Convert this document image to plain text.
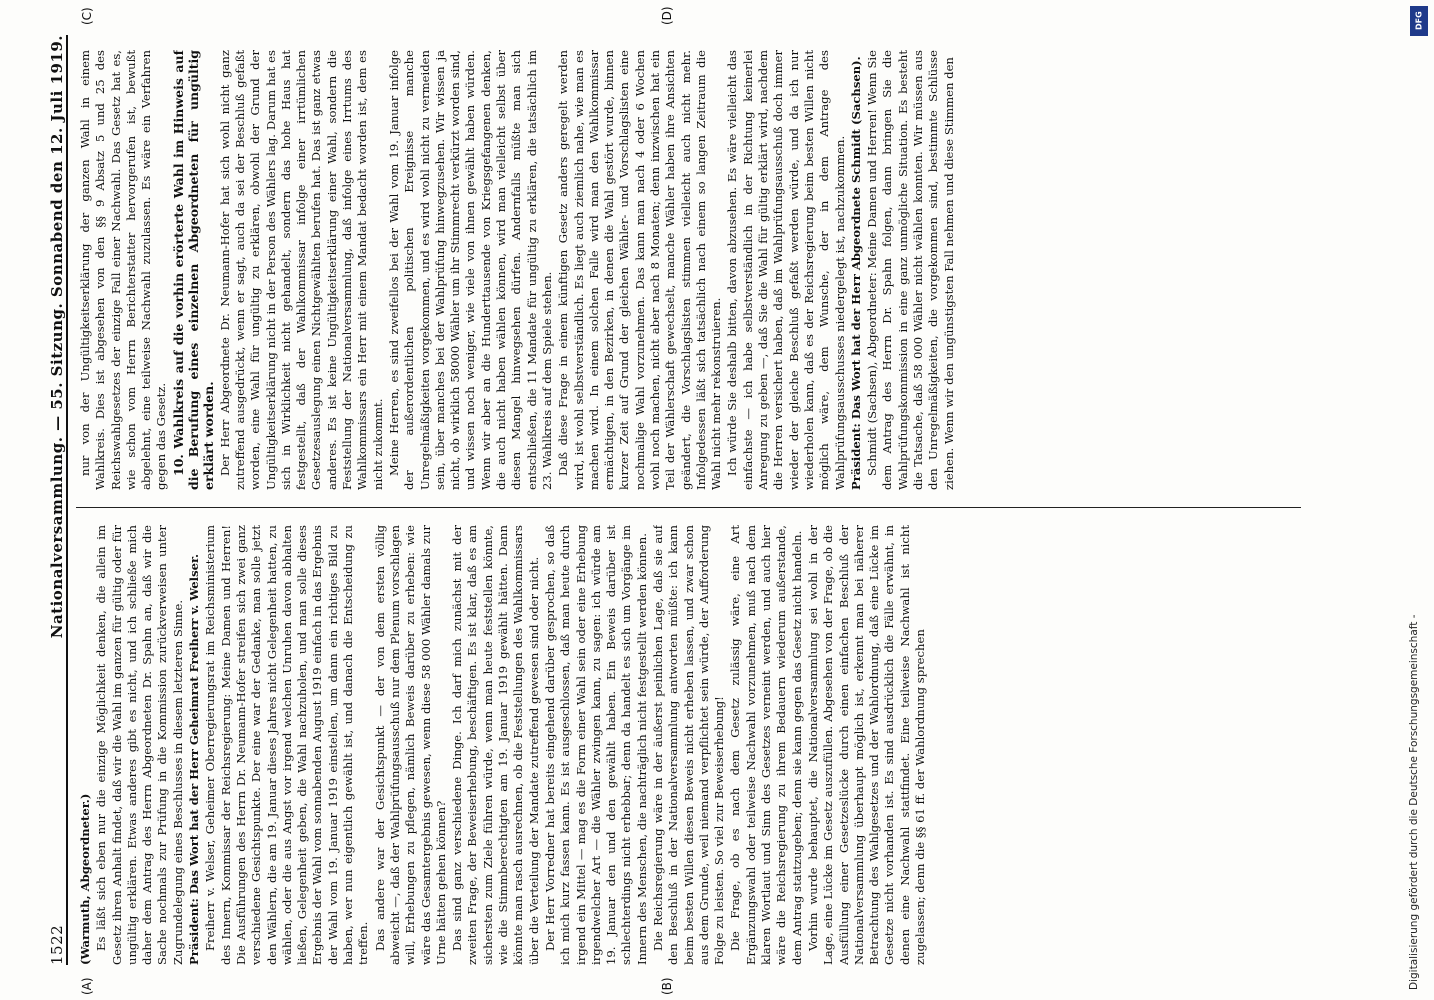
1522
Nationalversammlung. — 55. Sitzung. Sonnabend den 12. Juli 1919.

(Warmuth, Abgeordneter.) Es läßt sich eben nur die einzige Möglichkeit denken, die allein im Gesetz ihren Anhalt findet, daß wir die Wahl im ganzen für gültig oder für ungültig erklären. Etwas anderes gibt es nicht, und ich schließe mich daher dem Antrag des Herrn Abgeordneten Dr. Spahn an, daß wir die Sache nochmals zur Prüfung in die Kommission zurückverweisen unter Zugrundelegung eines Beschlusses in diesem letzteren Sinne. Präsident: Das Wort hat der Herr Geheimrat Freiherr v. Welser. Freiherr v. Welser, Geheimer Oberregierungsrat im Reichsministerium des Innern, Kommissar der Reichsregierung: Meine Damen und Herren! Die Ausführungen des Herrn Dr. Neumann-Hofer streifen sich zwei ganz verschiedene Gesichtspunkte. Der eine war der Gedanke, man solle jetzt den Wählern, die am 19. Januar dieses Jahres nicht Gelegenheit hatten, zu wählen, oder die aus Angst vor irgend welchen Unruhen davon abhalten ließen, Gelegenheit geben, die Wahl nachzuholen, und man solle dieses Ergebnis der Wahl vom sonnabenden August 1919 einfach in das Ergebnis der Wahl vom 19. Januar 1919 einstellen, um dann ein richtiges Bild zu haben, wer nun eigentlich gewählt ist, und danach die Entscheidung zu treffen. Das andere war der Gesichtspunkt — der von dem ersten völlig abweicht —, daß der Wahlprüfungsausschuß nur dem Plenum vorschlagen will, Erhebungen zu pflegen, nämlich Beweis darüber zu erheben: wie wäre das Gesamtergebnis gewesen, wenn diese 58 000 Wähler damals zur Urne hätten gehen können? Das sind ganz verschiedene Dinge. Ich darf mich zunächst mit der zweiten Frage, der Beweiserhebung, beschäftigen. Es ist klar, daß es am sichersten zum Ziele führen würde, wenn man heute feststellen könnte, wie die Stimmberechtigten am 19. Januar 1919 gewählt hätten. Dann könnte man rasch ausrechnen, ob die Feststellungen des Wahlkommissars über die Verteilung der Mandate zutreffend gewesen sind oder nicht. Der Herr Vorredner hat bereits eingehend darüber gesprochen, so daß ich mich kurz fassen kann. Es ist ausgeschlossen, daß man heute durch irgend ein Mittel — mag es die Form einer Wahl sein oder eine Erhebung irgendwelcher Art — die Wähler zwingen kann, zu sagen: ich würde am 19. Januar den und den gewählt haben. Ein Beweis darüber ist schlechterdings nicht erhebbar; denn da handelt es sich um Vorgänge im Innern des Menschen, die nachträglich nicht festgestellt werden können. Die Reichsregierung wäre in der äußerst peinlichen Lage, daß sie auf den Beschluß in der Nationalversammlung antworten müßte: ich kann beim besten Willen diesen Beweis nicht erheben lassen, und zwar schon aus dem Grunde, weil niemand verpflichtet sein würde, der Aufforderung Folge zu leisten. So viel zur Beweiserhebung! Die Frage, ob es nach dem Gesetz zulässig wäre, eine Art Ergänzungswahl oder teilweise Nachwahl vorzunehmen, muß nach dem klaren Wortlaut und Sinn des Gesetzes verneint werden, und auch hier wäre die Reichsregierung zu ihrem Bedauern wiederum außerstande, dem Antrag stattzugeben; denn sie kann gegen das Gesetz nicht handeln. Vorhin wurde behauptet, die Nationalversammlung sei wohl in der Lage, eine Lücke im Gesetz auszufüllen. Abgesehen von der Frage, ob die Ausfüllung einer Gesetzeslücke durch einen einfachen Beschluß der Nationalversammlung überhaupt möglich ist, erkennt man bei näherer Betrachtung des Wahlgesetzes und der Wahlordnung, daß eine Lücke im Gesetze nicht vorhanden ist. Es sind ausdrücklich die Fälle erwähnt, in denen eine Nachwahl stattfindet. Eine teilweise Nachwahl ist nicht zugelassen; denn die §§ 61 ff. der Wahlordnung sprechen

nur von der Ungültigkeitserklärung der ganzen Wahl in einem Wahlkreis. Dies ist abgesehen von den §§ 9 Absatz 5 und 25 des Reichswahlgesetzes der einzige Fall einer Nachwahl. Das Gesetz hat es, wie schon vom Herrn Berichterstatter hervorgerufen ist, bewußt abgelehnt, eine teilweise Nachwahl zuzulassen. Es wäre ein Verfahren gegen das Gesetz. 10. Wahlkreis auf die vorhin erörterte Wahl im Hinweis auf die Berufung eines einzelnen Abgeordneten für ungültig erklärt worden. Der Herr Abgeordnete Dr. Neumann-Hofer hat sich wohl nicht ganz zutreffend ausgedrückt, wenn er sagt, auch da sei der Beschluß gefaßt worden, eine Wahl für ungültig zu erklären, obwohl der Grund der Ungültigkeitserklärung nicht in der Person des Wählers lag. Darum hat es sich in Wirklichkeit nicht gehandelt, sondern das hohe Haus hat festgestellt, daß der Wahlkommissar infolge einer irrtümlichen Gesetzesauslegung einen Nichtgewählten berufen hat. Das ist ganz etwas anderes. Es ist keine Ungültigkeitserklärung einer Wahl, sondern die Feststellung der Nationalversammlung, daß infolge eines Irrtums des Wahlkommissars ein Herr mit einem Mandat bedacht worden ist, dem es nicht zukommt. Meine Herren, es sind zweifellos bei der Wahl vom 19. Januar infolge der außerordentlichen politischen Ereignisse manche Unregelmäßigkeiten vorgekommen, und es wird wohl nicht zu vermeiden sein, über manches bei der Wahlprüfung hinwegzusehen. Wir wissen ja nicht, ob wirklich 58000 Wähler um ihr Stimmrecht verkürzt worden sind, und wissen noch weniger, wie viele von ihnen gewählt haben würden. Wenn wir aber an die Hunderttausende von Kriegsgefangenen denken, die auch nicht haben wählen können, wird man vielleicht selbst über diesen Mangel hinwegsehen dürfen. Andernfalls müßte man sich entschließen, die 11 Mandate für ungültig zu erklären, die tatsächlich im 23. Wahlkreis auf dem Spiele stehen. Daß diese Frage in einem künftigen Gesetz anders geregelt werden wird, ist wohl selbstverständlich. Es liegt auch ziemlich nahe, wie man es machen wird. In einem solchen Falle wird man den Wahlkommissar ermächtigen, in den Bezirken, in denen die Wahl gestört wurde, binnen kurzer Zeit auf Grund der gleichen Wähler- und Vorschlagslisten eine nochmalige Wahl vorzunehmen. Das kann man nach 4 oder 6 Wochen wohl noch machen, nicht aber nach 8 Monaten; denn inzwischen hat ein Teil der Wählerschaft gewechselt, manche Wähler haben ihre Ansichten geändert, die Vorschlagslisten stimmen vielleicht auch nicht mehr. Infolgedessen läßt sich tatsächlich nach einem so langen Zeitraum die Wahl nicht mehr rekonstruieren. Ich würde Sie deshalb bitten, davon abzusehen. Es wäre vielleicht das einfachste — ich habe selbstverständlich in der Richtung keinerlei Anregung zu geben —, daß Sie die Wahl für gültig erklärt wird, nachdem die Herren versichert haben, daß im Wahlprüfungsausschuß doch immer wieder der gleiche Beschluß gefaßt werden würde, und da ich nur wiederholen kann, daß es der Reichsregierung beim besten Willen nicht möglich wäre, dem Wunsche, der in dem Antrage des Wahlprüfungsausschusses niedergelegt ist, nachzukommen. Präsident: Das Wort hat der Herr Abgeordnete Schmidt (Sachsen). Schmidt (Sachsen), Abgeordneter: Meine Damen und Herren! Wenn Sie dem Antrag des Herrn Dr. Spahn folgen, dann bringen Sie die Wahlprüfungskommission in eine ganz unmögliche Situation. Es besteht die Tatsache, daß 58 000 Wähler nicht wählen konnten. Wir müssen aus den Unregelmäßigkeiten, die vorgekommen sind, bestimmte Schlüsse ziehen. Wenn wir den ungünstigsten Fall nehmen und diese Stimmen den

(A)	(B)
(C)	(D)	DFG
Digitalisierung gefördert durch die Deutsche Forschungsgemeinschaft -
